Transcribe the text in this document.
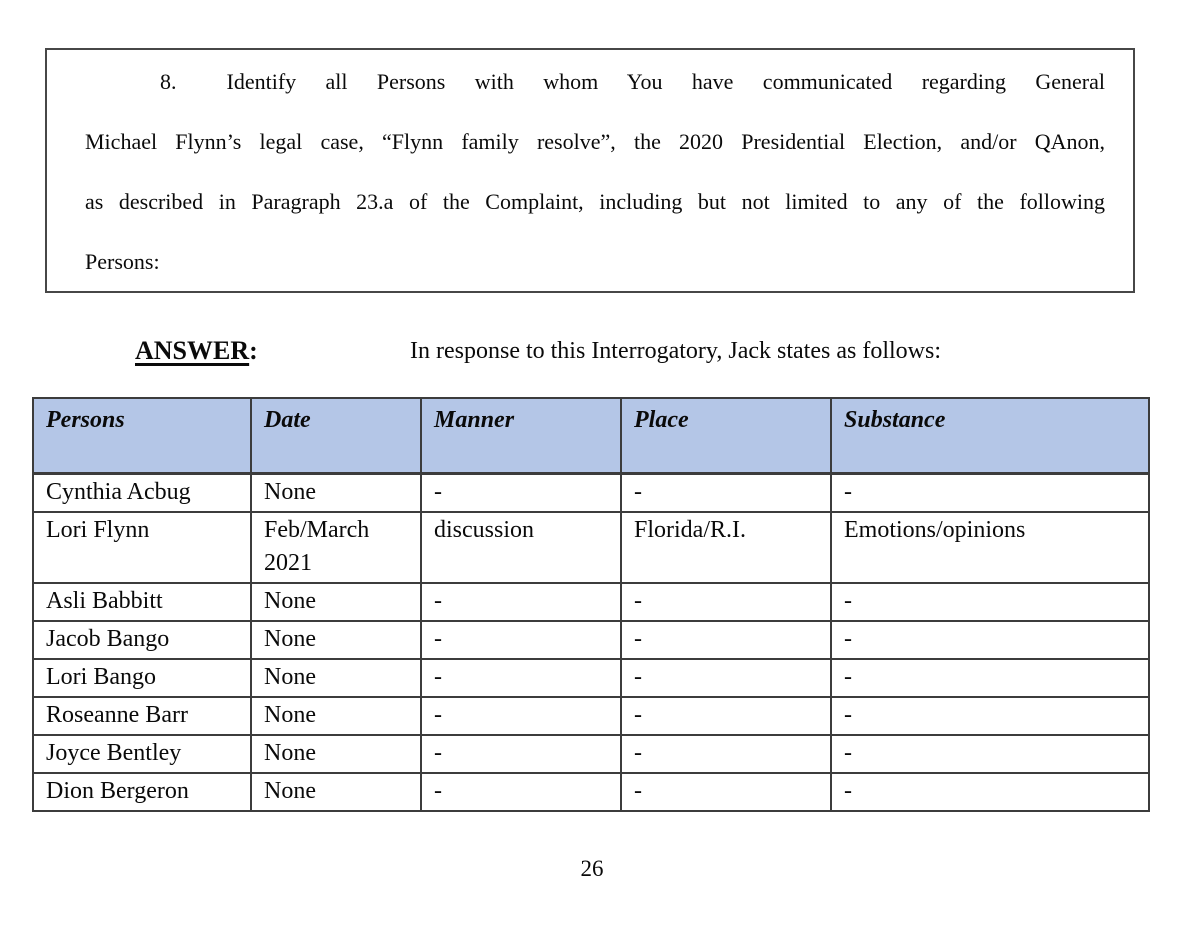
8. Identify all Persons with whom You have communicated regarding General
Michael Flynn’s legal case, “Flynn family resolve”, the 2020 Presidential Election, and/or QAnon,
as described in Paragraph 23.a of the Complaint, including but not limited to any of the following
Persons:
ANSWER:	In response to this Interrogatory, Jack states as follows:
Persons	Date	Manner	Place	Substance
Cynthia Acbug	None	-	-	-
Lori Flynn	Feb/March 2021	discussion	Florida/R.I.	Emotions/opinions
Asli Babbitt	None	-	-	-
Jacob Bango	None	-	-	-
Lori Bango	None	-	-	-
Roseanne Barr	None	-	-	-
Joyce Bentley	None	-	-	-
Dion Bergeron	None	-	-	-
26
